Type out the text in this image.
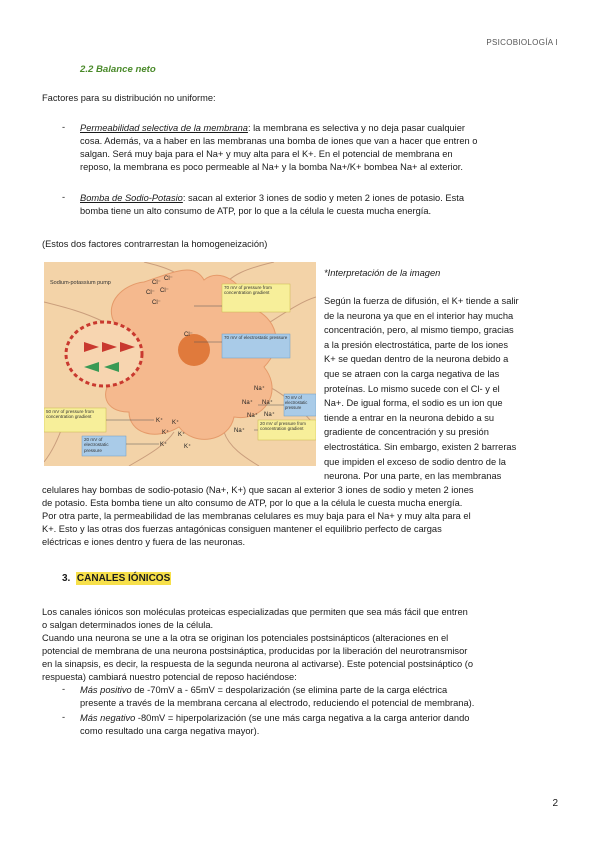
PSICOBIOLOGÍA I
2.2 Balance neto
Factores para su distribución no uniforme:
- Permeabilidad selectiva de la membrana: la membrana es selectiva y no deja pasar cualquier
cosa. Además, va a haber en las membranas una bomba de iones que van a hacer que entren o
salgan. Será muy baja para el Na+ y muy alta para el K+. En el potencial de membrana en
reposo, la membrana es poco permeable al Na+ y la bomba Na+/K+ bombea Na+ al exterior.
- Bomba de Sodio-Potasio: sacan al exterior 3 iones de sodio y meten 2 iones de potasio. Esta
bomba tiene un alto consumo de ATP, por lo que a la célula le cuesta mucha energía.
(Estos dos factores contrarrestan la homogeneización)
Sodium-potassium pump	Cl⁻
Cl⁻
Cl⁻ Cl⁻
Cl⁻
Cl⁻
70 mV of pressure from concentration gradient
70 mV of electrostatic pressure
50 mV of pressure from concentration gradient
20 mV of electrostatic pressure
70 mV of electrostatic pressure
20 mV of pressure from concentration gradient
Na⁺
Na⁺ Na⁺
Na⁺ Na⁺
Na⁺
K⁺ K⁺
K⁺ K⁺
K⁺	K⁺
*Interpretación de la imagen
Según la fuerza de difusión, el K+ tiende a salir
de la neurona ya que en el interior hay mucha
concentración, pero, al mismo tiempo, gracias
a la presión electrostática, parte de los iones
K+ se quedan dentro de la neurona debido a
que se atraen con la carga negativa de las
proteínas. Lo mismo sucede con el Cl- y el
Na+. De igual forma, el sodio es un ion que
tiende a entrar en la neurona debido a su
gradiente de concentración y su presión
electrostática. Sin embargo, existen 2 barreras
que impiden el exceso de sodio dentro de la
neurona. Por una parte, en las membranas
celulares hay bombas de sodio-potasio (Na+, K+) que sacan al exterior 3 iones de sodio y meten 2 iones
de potasio. Esta bomba tiene un alto consumo de ATP, por lo que a la célula le cuesta mucha energía.
Por otra parte, la permeabilidad de las membranas celulares es muy baja para el Na+ y muy alta para el
K+. Esto y las otras dos fuerzas antagónicas consiguen mantener el equilibrio perfecto de cargas
eléctricas e iones dentro y fuera de las neuronas.
3. CANALES IÓNICOS
Los canales iónicos son moléculas proteicas especializadas que permiten que sea más fácil que entren
o salgan determinados iones de la célula.
Cuando una neurona se une a la otra se originan los potenciales postsinápticos (alteraciones en el
potencial de membrana de una neurona postsináptica, producidas por la liberación del neurotransmisor
en la sinapsis, es decir, la respuesta de la segunda neurona al activarse). Este potencial postsináptico (o
respuesta) cambiará nuestro potencial de reposo haciéndose:
- Más positivo de -70mV a - 65mV = despolarización (se elimina parte de la carga eléctrica
presente a través de la membrana cercana al electrodo, reduciendo el potencial de membrana).
- Más negativo -80mV = hiperpolarización (se une más carga negativa a la carga anterior dando
como resultado una carga negativa mayor).
2
